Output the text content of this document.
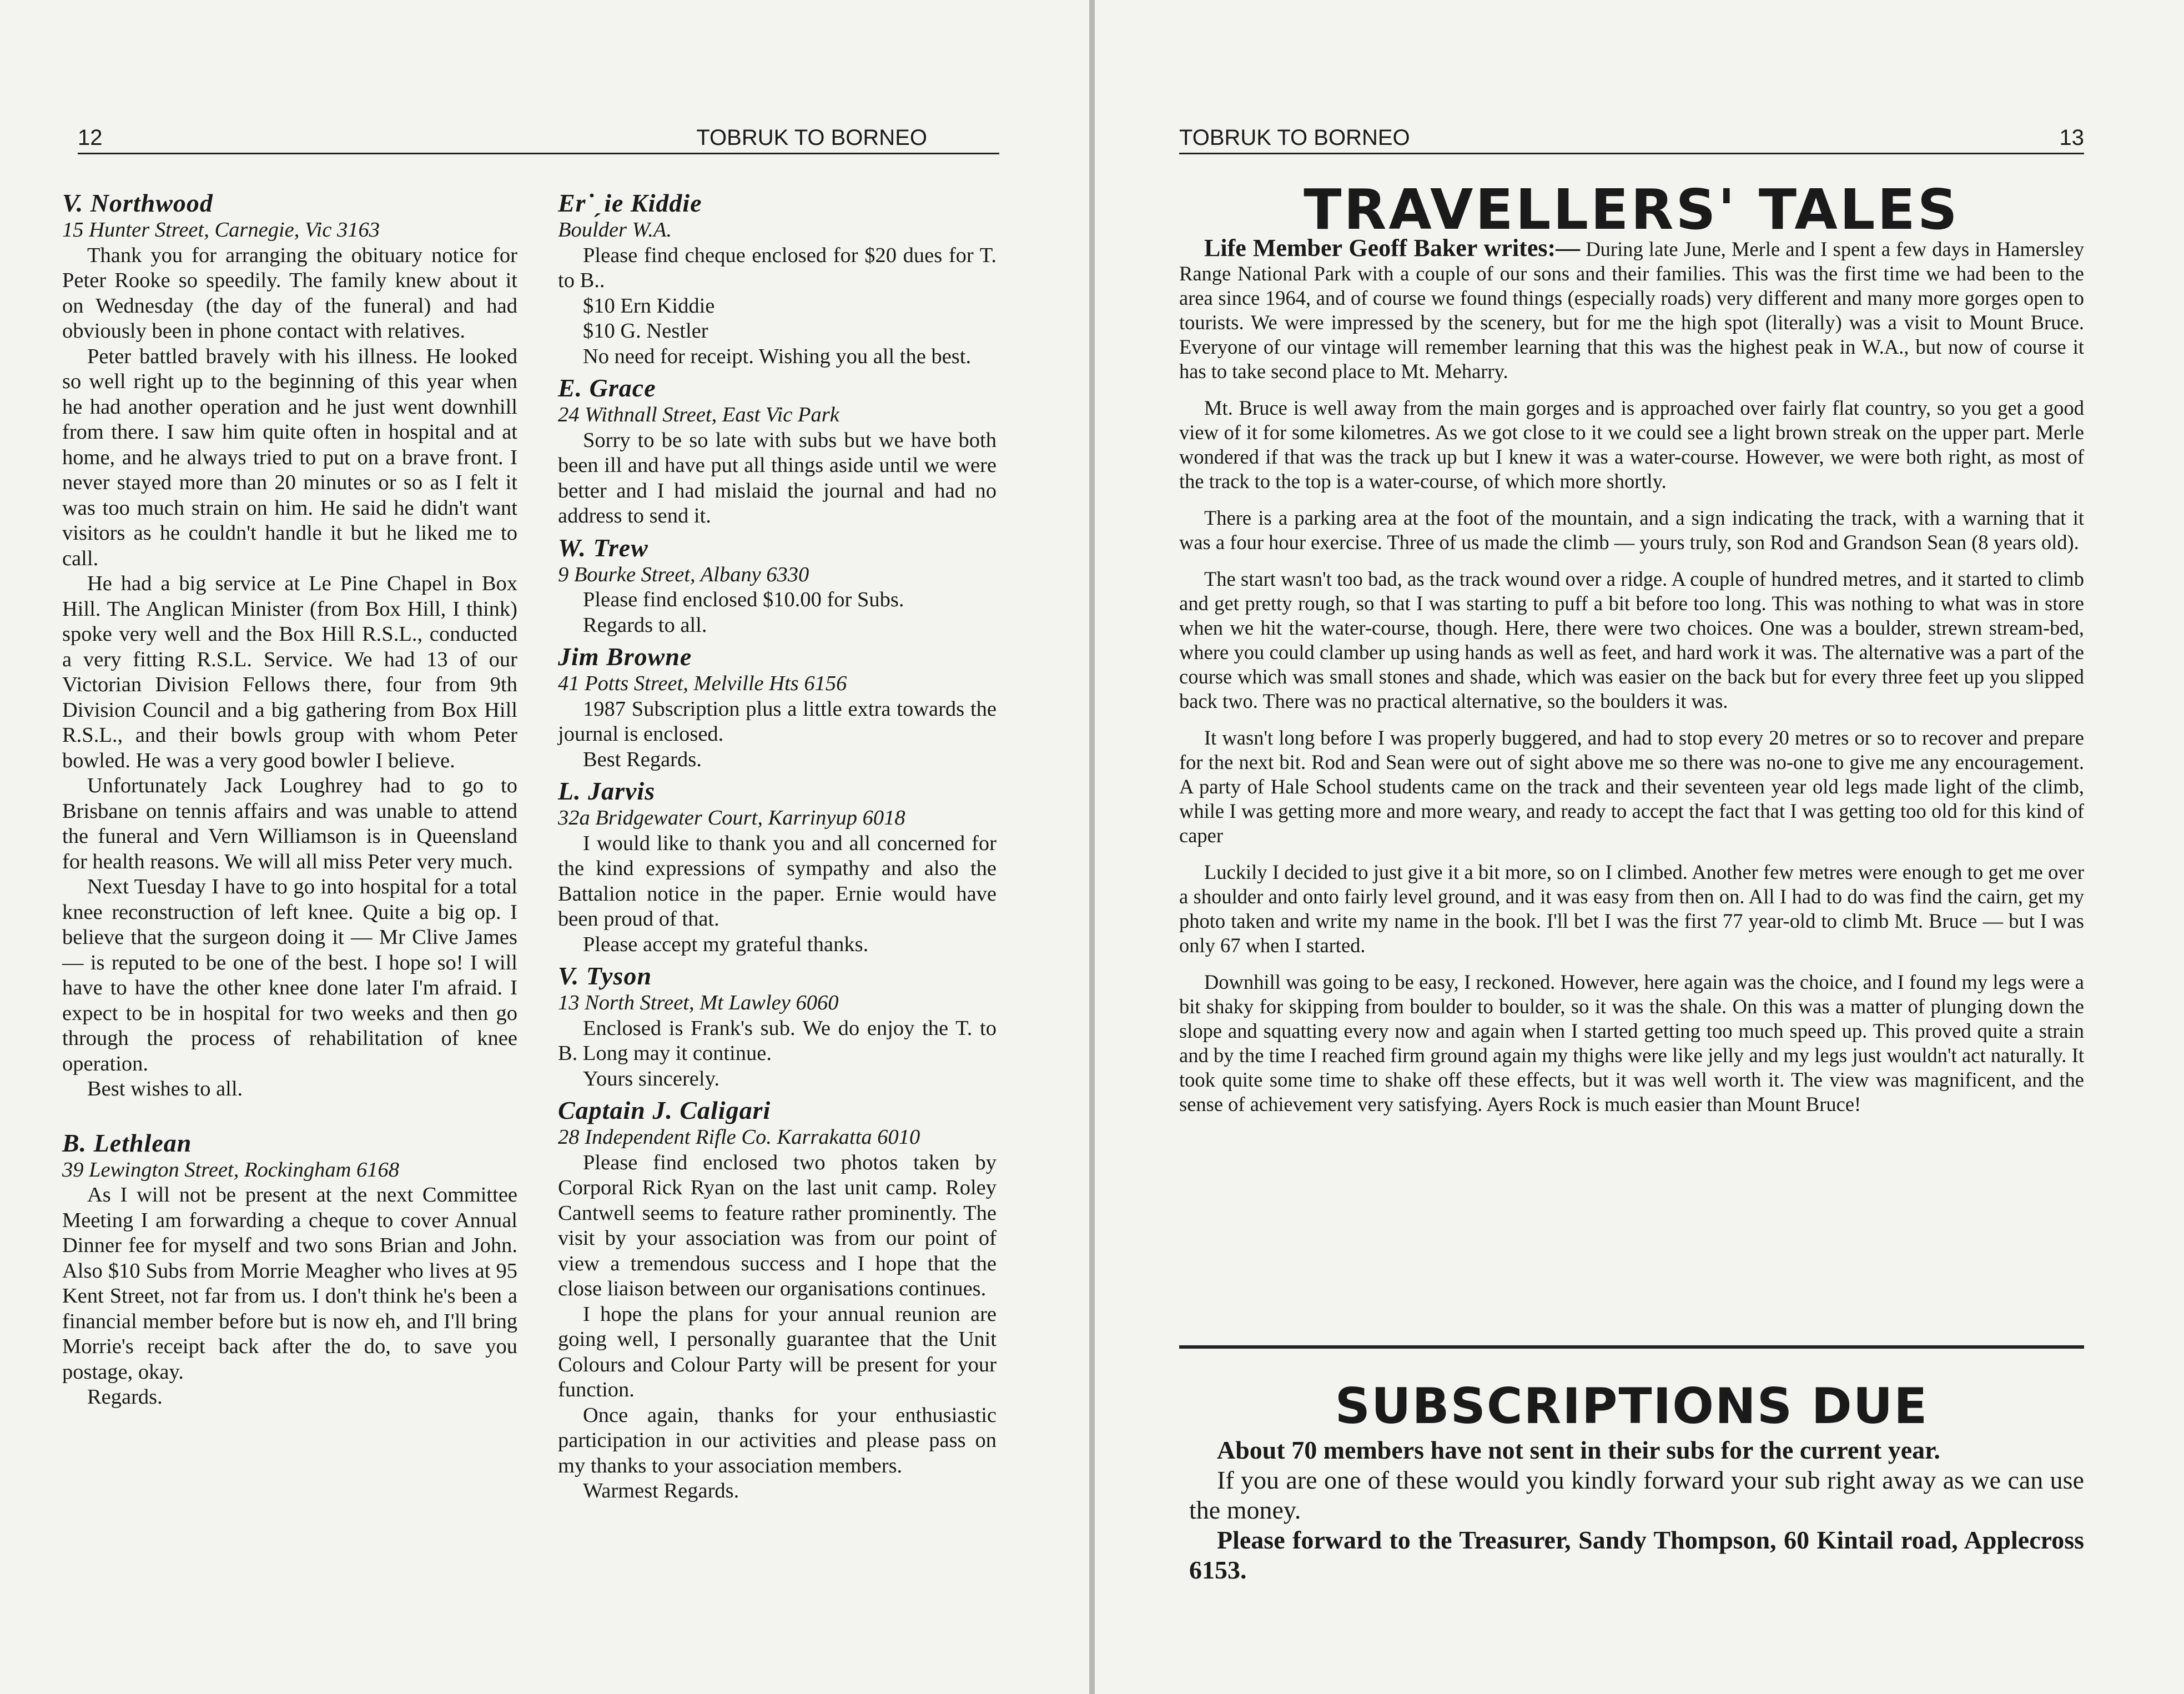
12	TOBRUK TO BORNEO
V. Northwood
15 Hunter Street, Carnegie, Vic 3163

Thank you for arranging the obituary notice for Peter Rooke so speedily. The family knew about it on Wednesday (the day of the funeral) and had obviously been in phone contact with relatives.

Peter battled bravely with his illness. He looked so well right up to the beginning of this year when he had another operation and he just went downhill from there. I saw him quite often in hospital and at home, and he always tried to put on a brave front. I never stayed more than 20 minutes or so as I felt it was too much strain on him. He said he didn't want visitors as he couldn't handle it but he liked me to call.

He had a big service at Le Pine Chapel in Box Hill. The Anglican Minister (from Box Hill, I think) spoke very well and the Box Hill R.S.L., conducted a very fitting R.S.L. Service. We had 13 of our Victorian Division Fellows there, four from 9th Division Council and a big gathering from Box Hill R.S.L., and their bowls group with whom Peter bowled. He was a very good bowler I believe.

Unfortunately Jack Loughrey had to go to Brisbane on tennis affairs and was unable to attend the funeral and Vern Williamson is in Queensland for health reasons. We will all miss Peter very much.

Next Tuesday I have to go into hospital for a total knee reconstruction of left knee. Quite a big op. I believe that the surgeon doing it — Mr Clive James — is reputed to be one of the best. I hope so! I will have to have the other knee done later I'm afraid. I expect to be in hospital for two weeks and then go through the process of rehabilitation of knee operation.

Best wishes to all.

B. Lethlean
39 Lewington Street, Rockingham 6168

As I will not be present at the next Committee Meeting I am forwarding a cheque to cover Annual Dinner fee for myself and two sons Brian and John. Also $10 Subs from Morrie Meagher who lives at 95 Kent Street, not far from us. I don't think he's been a financial member before but is now eh, and I'll bring Morrie's receipt back after the do, to save you postage, okay.

Regards.

Er˙ˏie Kiddie
Boulder W.A.

Please find cheque enclosed for $20 dues for T. to B..

$10 Ern Kiddie

$10 G. Nestler

No need for receipt. Wishing you all the best.

E. Grace
24 Withnall Street, East Vic Park

Sorry to be so late with subs but we have both been ill and have put all things aside until we were better and I had mislaid the journal and had no address to send it.

W. Trew
9 Bourke Street, Albany 6330

Please find enclosed $10.00 for Subs.

Regards to all.

Jim Browne
41 Potts Street, Melville Hts 6156

1987 Subscription plus a little extra towards the journal is enclosed.

Best Regards.

L. Jarvis
32a Bridgewater Court, Karrinyup 6018

I would like to thank you and all concerned for the kind expressions of sympathy and also the Battalion notice in the paper. Ernie would have been proud of that.

Please accept my grateful thanks.

V. Tyson
13 North Street, Mt Lawley 6060

Enclosed is Frank's sub. We do enjoy the T. to B. Long may it continue.

Yours sincerely.

Captain J. Caligari
28 Independent Rifle Co. Karrakatta 6010

Please find enclosed two photos taken by Corporal Rick Ryan on the last unit camp. Roley Cantwell seems to feature rather prominently. The visit by your association was from our point of view a tremendous success and I hope that the close liaison between our organisations continues.

I hope the plans for your annual reunion are going well, I personally guarantee that the Unit Colours and Colour Party will be present for your function.

Once again, thanks for your enthusiastic participation in our activities and please pass on my thanks to your association members.

Warmest Regards.

TOBRUK TO BORNEO	13
TRAVELLERS' TALES

Life Member Geoff Baker writes:— During late June, Merle and I spent a few days in Hamersley Range National Park with a couple of our sons and their families. This was the first time we had been to the area since 1964, and of course we found things (especially roads) very different and many more gorges open to tourists. We were impressed by the scenery, but for me the high spot (literally) was a visit to Mount Bruce. Everyone of our vintage will remember learning that this was the highest peak in W.A., but now of course it has to take second place to Mt. Meharry.

Mt. Bruce is well away from the main gorges and is approached over fairly flat country, so you get a good view of it for some kilometres. As we got close to it we could see a light brown streak on the upper part. Merle wondered if that was the track up but I knew it was a water-course. However, we were both right, as most of the track to the top is a water-course, of which more shortly.

There is a parking area at the foot of the mountain, and a sign indicating the track, with a warning that it was a four hour exercise. Three of us made the climb — yours truly, son Rod and Grandson Sean (8 years old).

The start wasn't too bad, as the track wound over a ridge. A couple of hundred metres, and it started to climb and get pretty rough, so that I was starting to puff a bit before too long. This was nothing to what was in store when we hit the water-course, though. Here, there were two choices. One was a boulder, strewn stream-bed, where you could clamber up using hands as well as feet, and hard work it was. The alternative was a part of the course which was small stones and shade, which was easier on the back but for every three feet up you slipped back two. There was no practical alternative, so the boulders it was.

It wasn't long before I was properly buggered, and had to stop every 20 metres or so to recover and prepare for the next bit. Rod and Sean were out of sight above me so there was no-one to give me any encouragement. A party of Hale School students came on the track and their seventeen year old legs made light of the climb, while I was getting more and more weary, and ready to accept the fact that I was getting too old for this kind of caper

Luckily I decided to just give it a bit more, so on I climbed. Another few metres were enough to get me over a shoulder and onto fairly level ground, and it was easy from then on. All I had to do was find the cairn, get my photo taken and write my name in the book. I'll bet I was the first 77 year-old to climb Mt. Bruce — but I was only 67 when I started.

Downhill was going to be easy, I reckoned. However, here again was the choice, and I found my legs were a bit shaky for skipping from boulder to boulder, so it was the shale. On this was a matter of plunging down the slope and squatting every now and again when I started getting too much speed up. This proved quite a strain and by the time I reached firm ground again my thighs were like jelly and my legs just wouldn't act naturally. It took quite some time to shake off these effects, but it was well worth it. The view was magnificent, and the sense of achievement very satisfying. Ayers Rock is much easier than Mount Bruce!

SUBSCRIPTIONS DUE

About 70 members have not sent in their subs for the current year.

If you are one of these would you kindly forward your sub right away as we can use the money.

Please forward to the Treasurer, Sandy Thompson, 60 Kintail road, Applecross 6153.
